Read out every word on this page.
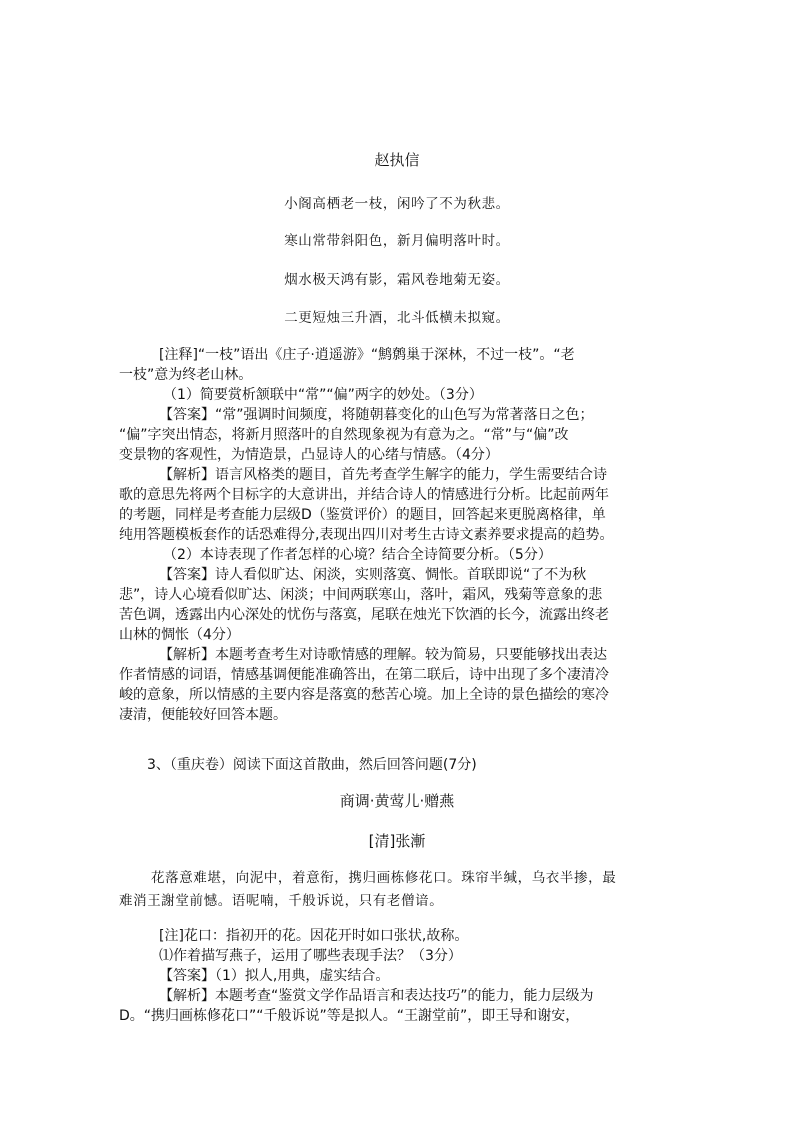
赵执信
小阁高栖老一枝，闲吟了不为秋悲。
寒山常带斜阳色，新月偏明落叶时。
烟水极天鸿有影，霜风卷地菊无姿。
二更短烛三升酒，北斗低横未拟窥。
[注释]“一枝”语出《庄子·逍遥游》“鹪鹩巢于深林，不过一枝”。“老
一枝”意为终老山林。
（1）简要赏析颔联中“常”“偏”两字的妙处。（3分）
【答案】“常”强调时间频度，将随朝暮变化的山色写为常著落日之色；
“偏”字突出情态，将新月照落叶的自然现象视为有意为之。“常”与“偏”改
变景物的客观性，为情造景，凸显诗人的心绪与情感。（4分）
【解析】语言风格类的题目，首先考查学生解字的能力，学生需要结合诗
歌的意思先将两个目标字的大意讲出，并结合诗人的情感进行分析。比起前两年
的考题，同样是考查能力层级D（鉴赏评价）的题目，回答起来更脱离格律，单
纯用答题模板套作的话恐难得分,表现出四川对考生古诗文素养要求提高的趋势。
（2）本诗表现了作者怎样的心境？结合全诗简要分析。（5分）
【答案】诗人看似旷达、闲淡，实则落寞、惆怅。首联即说“了不为秋
悲”，诗人心境看似旷达、闲淡；中间两联寒山，落叶，霜风，残菊等意象的悲
苦色调，透露出内心深处的忧伤与落寞，尾联在烛光下饮酒的长今，流露出终老
山林的惆怅（4分）
【解析】本题考查考生对诗歌情感的理解。较为简易，只要能够找出表达
作者情感的词语，情感基调便能准确答出，在第二联后，诗中出现了多个凄清冷
峻的意象，所以情感的主要内容是落寞的愁苦心境。加上全诗的景色描绘的寒冷
凄清，便能较好回答本题。
3、（重庆卷）阅读下面这首散曲，然后回答问题(7分)
商调·黄莺儿·赠燕
[清]张漸
花落意难堪，向泥中，着意衔，携归画栋修花口。珠帘半缄，乌衣半掺，最
难消王謝堂前憾。语呢喃，千般诉说，只有老僧谙。
[注]花口：指初开的花。因花开时如口张状,故称。
⑴作着描写燕子，运用了哪些表现手法？（3分）
【答案】（1）拟人,用典，虚实结合。
【解析】本题考查“鉴赏文学作品语言和表达技巧”的能力，能力层级为
D。“携归画栋修花口”“千般诉说”等是拟人。“王謝堂前”，即王导和谢安，
